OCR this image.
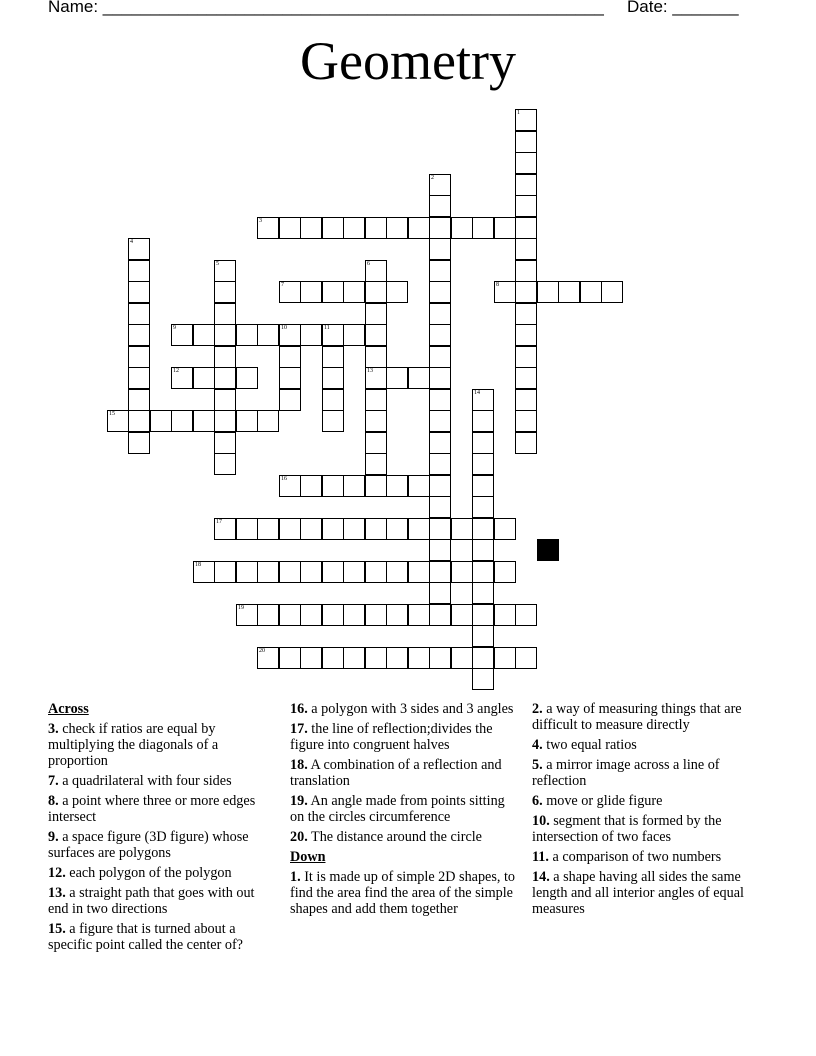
Name: _____________________________________________________ Date: _______
Geometry
3
7	8
9	10	11
12	13
15
16
17
18
19
20
1
2
4
5	6
14
Across

3. check if ratios are equal by multiplying the diagonals of a proportion

7. a quadrilateral with four sides

8. a point where three or more edges intersect

9. a space figure (3D figure) whose surfaces are polygons

12. each polygon of the polygon

13. a straight path that goes with out end in two directions

15. a figure that is turned about a specific point called the center of?

16. a polygon with 3 sides and 3 angles

17. the line of reflection;divides the figure into congruent halves

18. A combination of a reflection and translation

19. An angle made from points sitting on the circles circumference

20. The distance around the circle

Down

1. It is made up of simple 2D shapes, to find the area find the area of the simple shapes and add them together

2. a way of measuring things that are difficult to measure directly

4. two equal ratios

5. a mirror image across a line of reflection

6. move or glide figure

10. segment that is formed by the intersection of two faces

11. a comparison of two numbers

14. a shape having all sides the same length and all interior angles of equal measures
